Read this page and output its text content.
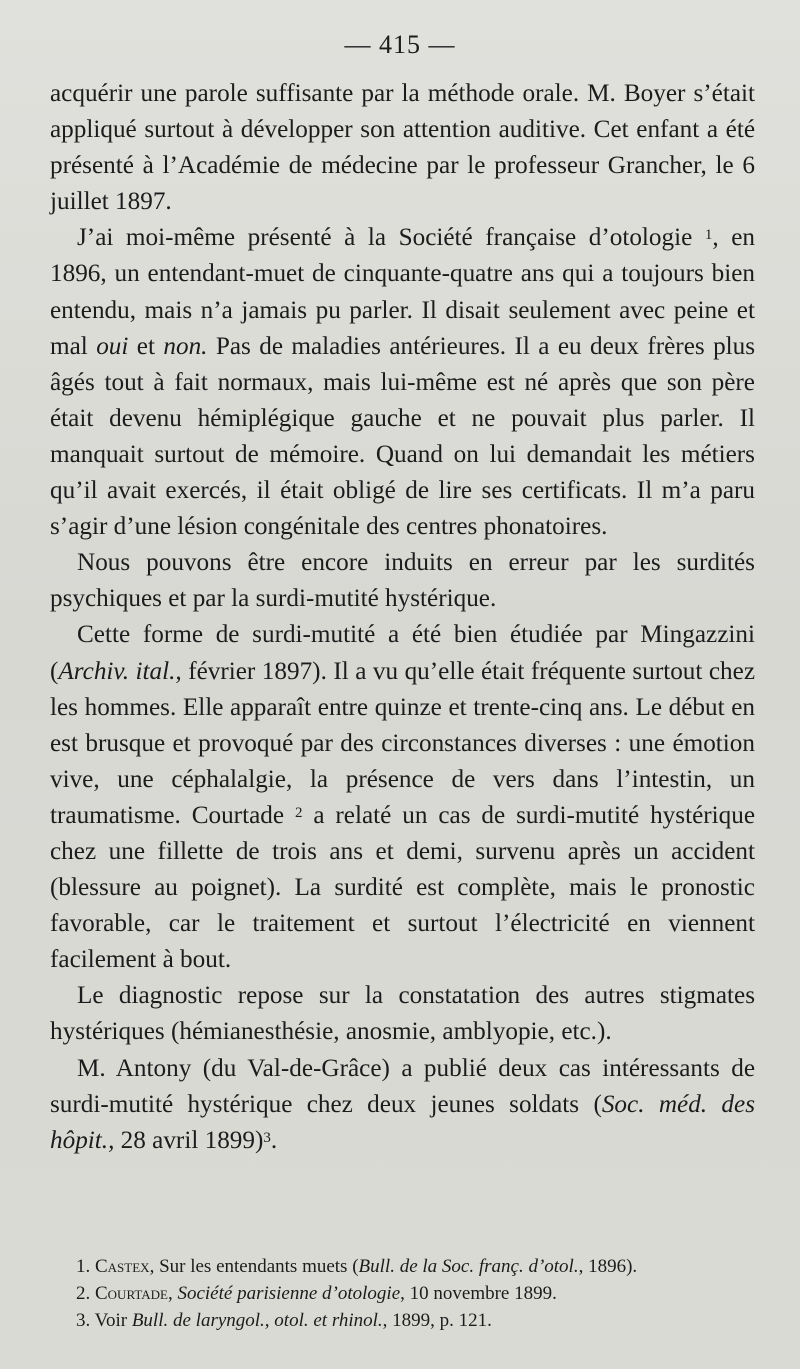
— 415 —

acquérir une parole suffisante par la méthode orale. M. Boyer s’était appliqué surtout à développer son attention auditive. Cet enfant a été présenté à l’Académie de médecine par le professeur Grancher, le 6 juillet 1897.

J’ai moi-même présenté à la Société française d’otologie $^1$, en 1896, un entendant-muet de cinquante-quatre ans qui a toujours bien entendu, mais n’a jamais pu parler. Il disait seulement avec peine et mal oui et non. Pas de maladies antérieures. Il a eu deux frères plus âgés tout à fait normaux, mais lui-même est né après que son père était devenu hémiplégique gauche et ne pouvait plus parler. Il manquait surtout de mémoire. Quand on lui demandait les métiers qu’il avait exercés, il était obligé de lire ses certificats. Il m’a paru s’agir d’une lésion congénitale des centres phonatoires.

Nous pouvons être encore induits en erreur par les surdités psychiques et par la surdi-mutité hystérique.

Cette forme de surdi-mutité a été bien étudiée par Mingazzini (Archiv. ital., février 1897). Il a vu qu’elle était fréquente surtout chez les hommes. Elle apparaît entre quinze et trente-cinq ans. Le début en est brusque et provoqué par des circonstances diverses : une émotion vive, une céphalalgie, la présence de vers dans l’intestin, un traumatisme. Courtade $^2$ a relaté un cas de surdi-mutité hystérique chez une fillette de trois ans et demi, survenu après un accident (blessure au poignet). La surdité est complète, mais le pronostic favorable, car le traitement et surtout l’électricité en viennent facilement à bout.

Le diagnostic repose sur la constatation des autres stigmates hystériques (hémianesthésie, anosmie, amblyopie, etc.).

M. Antony (du Val-de-Grâce) a publié deux cas intéressants de surdi-mutité hystérique chez deux jeunes soldats (Soc. méd. des hôpit., 28 avril 1899)$^3$.

1. Castex, Sur les entendants muets (Bull. de la Soc. franç. d’otol., 1896).
2. Courtade, Société parisienne d’otologie, 10 novembre 1899.
3. Voir Bull. de laryngol., otol. et rhinol., 1899, p. 121.
